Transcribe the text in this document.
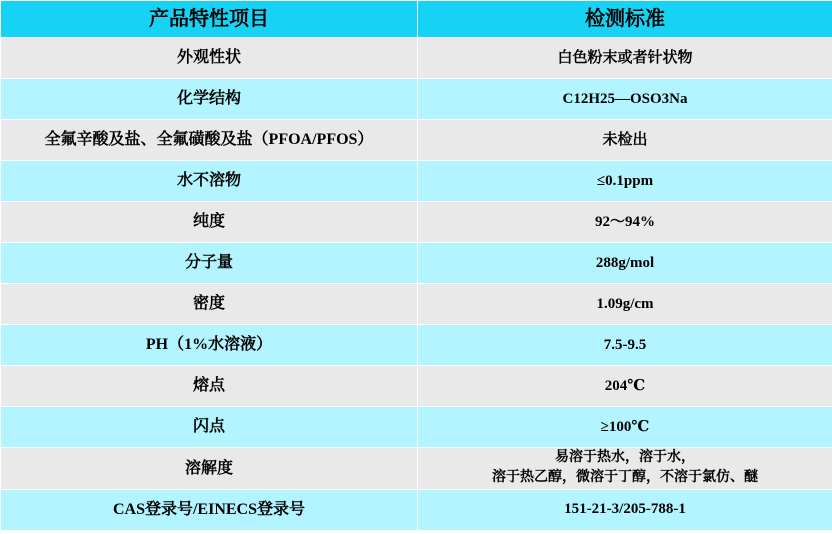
产品特性项目	检测标准
外观性状	白色粉末或者针状物
化学结构	C12H25—OSO3Na
全氟辛酸及盐、全氟磺酸及盐（PFOA/PFOS）	未检出
水不溶物	≤0.1ppm
纯度	92～94%
分子量	288g/mol
密度	1.09g/cm
PH（1%水溶液）	7.5-9.5
熔点	204℃
闪点	≥100℃
溶解度	易溶于热水，溶于水，
溶于热乙醇，微溶于丁醇，不溶于氯仿、醚

CAS登录号/EINECS登录号	151-21-3/205-788-1
